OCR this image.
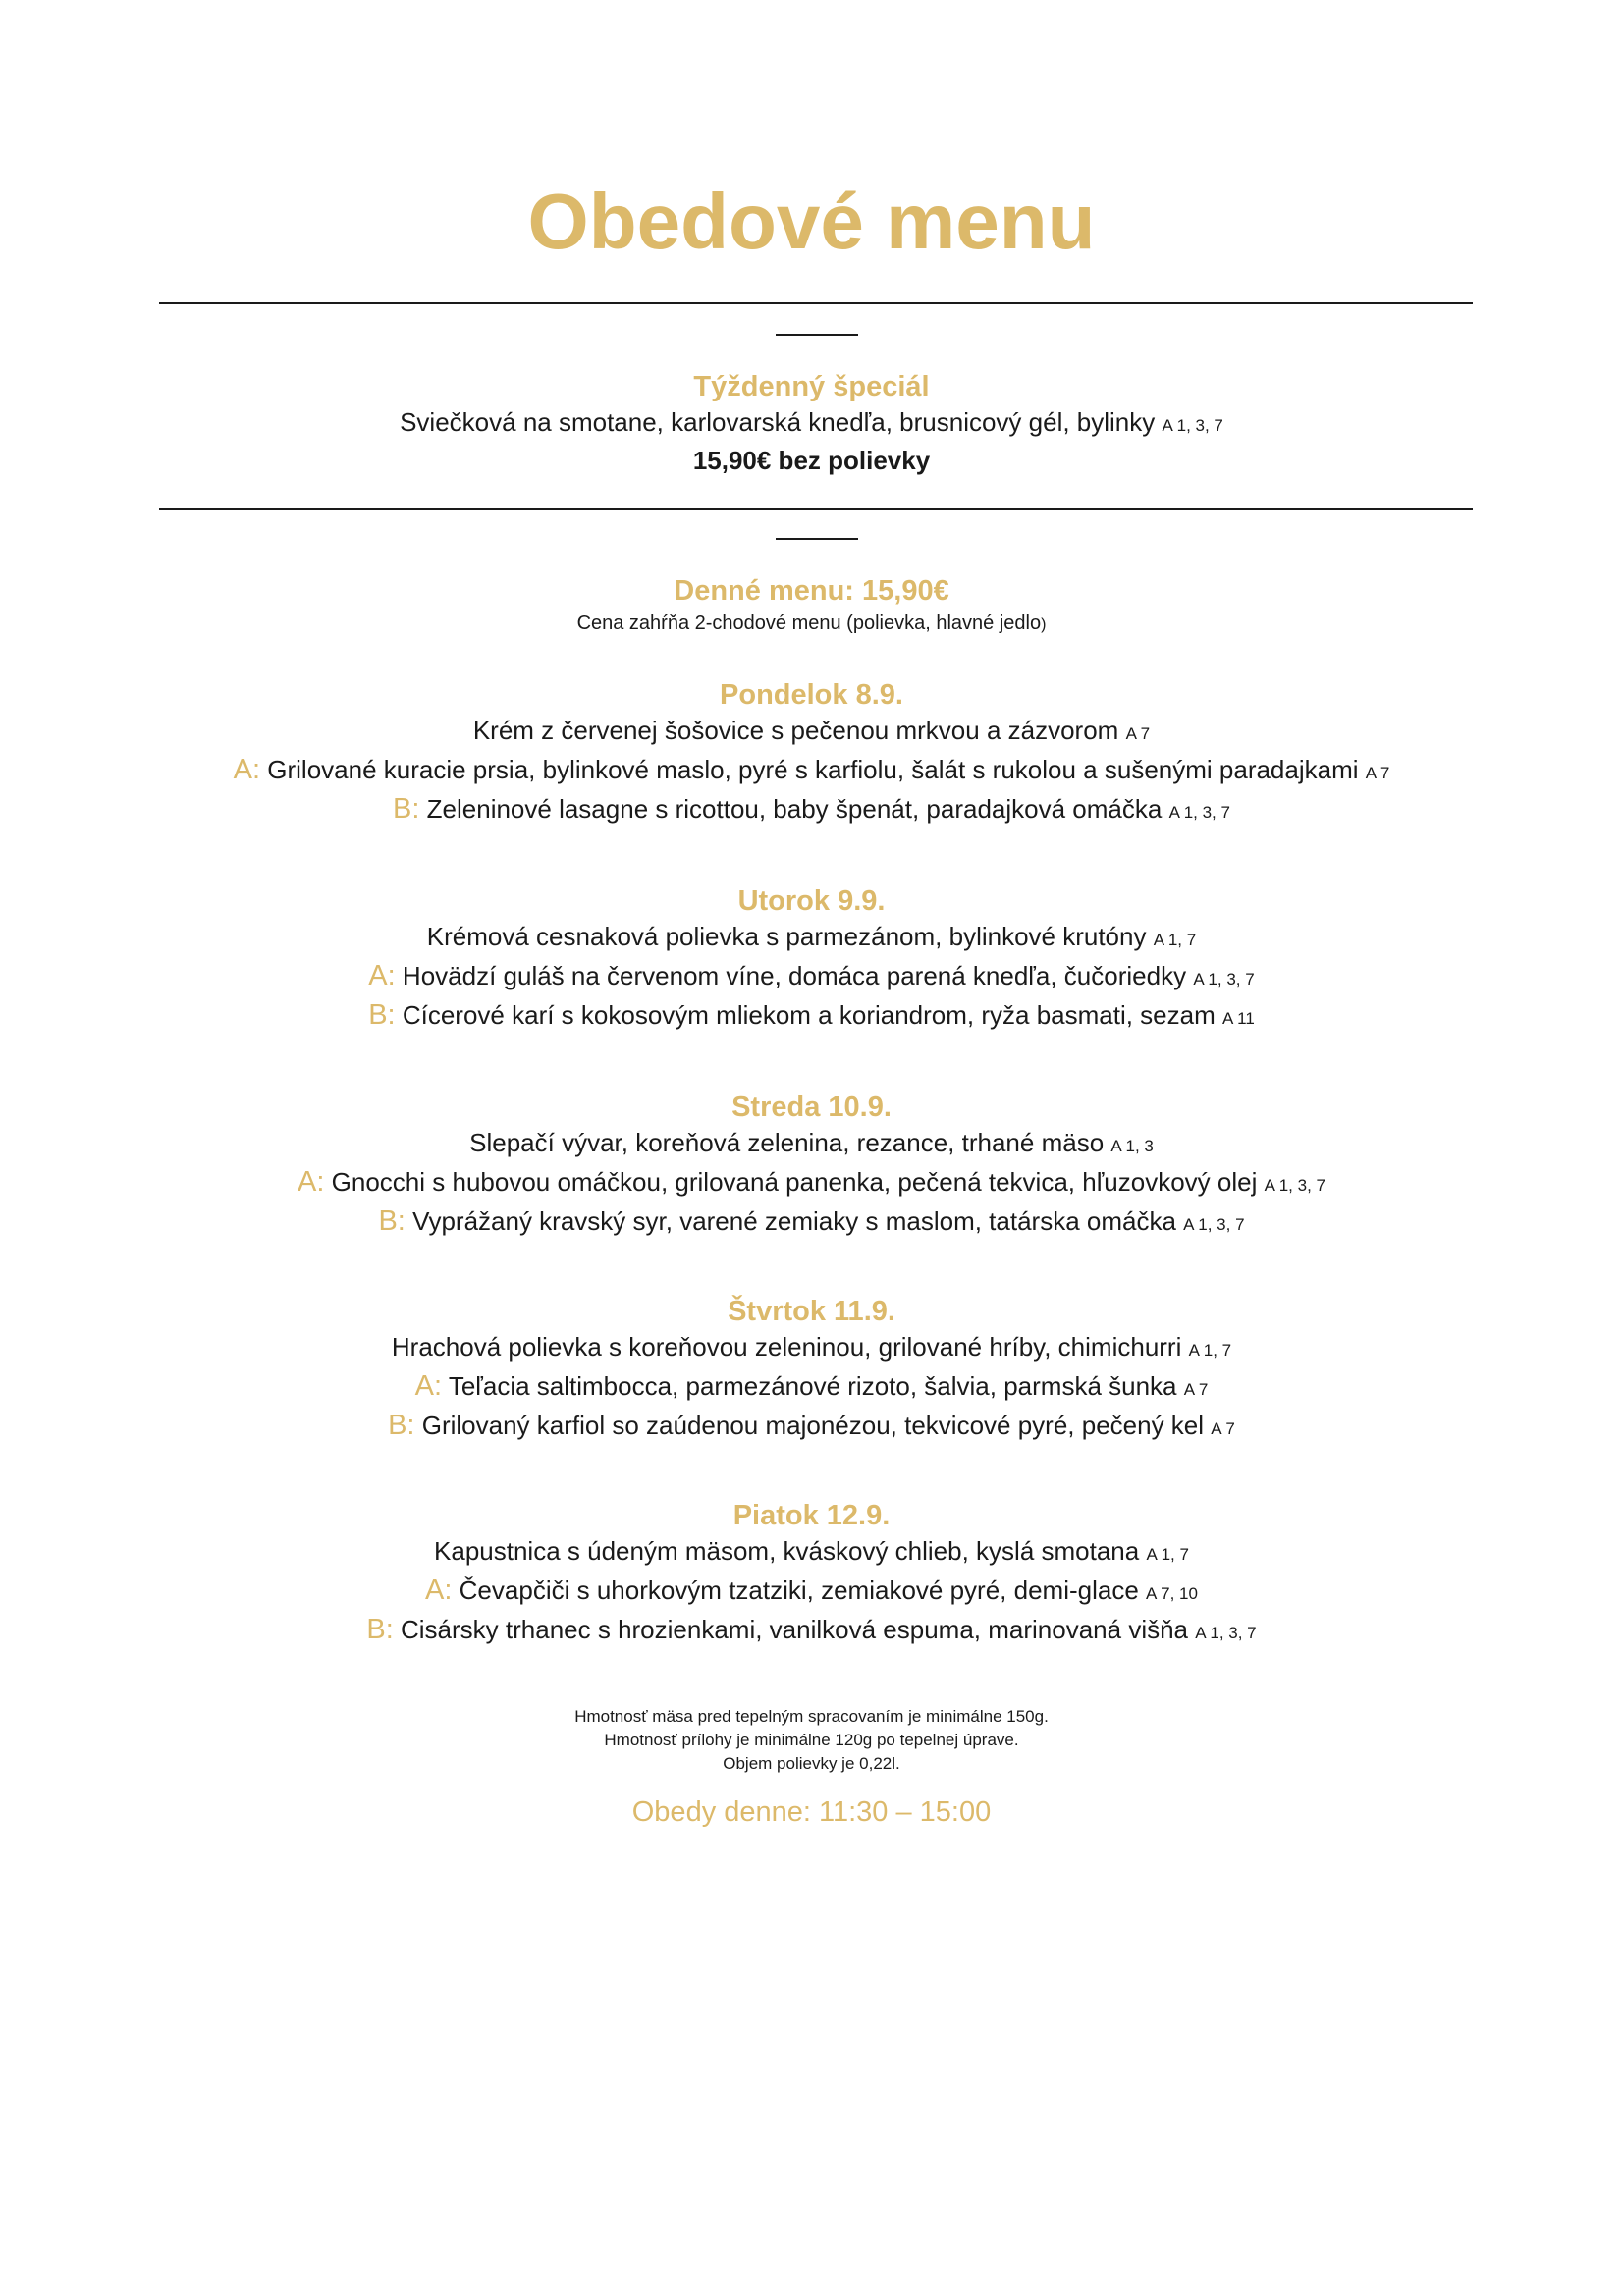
Obedové menu
Týždenný špeciál
Sviečková na smotane, karlovarská knedľa, brusnicový gél, bylinky A 1, 3, 7
15,90€ bez polievky
Denné menu: 15,90€
Cena zahŕňa 2-chodové menu (polievka, hlavné jedlo)
Pondelok 8.9.
Krém z červenej šošovice s pečenou mrkvou a zázvorom A 7
A: Grilované kuracie prsia, bylinkové maslo, pyré s karfiolu, šalát s rukolou a sušenými paradajkami A 7
B: Zeleninové lasagne s ricottou, baby špenát, paradajková omáčka A 1, 3, 7
Utorok 9.9.
Krémová cesnaková polievka s parmezánom, bylinkové krutóny A 1, 7
A: Hovädzí guláš na červenom víne, domáca parená knedľa, čučoriedky A 1, 3, 7
B: Cícerové karí s kokosovým mliekom a koriandrom, ryža basmati, sezam A 11
Streda 10.9.
Slepačí vývar, koreňová zelenina, rezance, trhané mäso A 1, 3
A: Gnocchi s hubovou omáčkou, grilovaná panenka, pečená tekvica, hľuzovkový olej A 1, 3, 7
B: Vyprážaný kravský syr, varené zemiaky s maslom, tatárska omáčka A 1, 3, 7
Štvrtok 11.9.
Hrachová polievka s koreňovou zeleninou, grilované hríby, chimichurri A 1, 7
A: Teľacia saltimbocca, parmezánové rizoto, šalvia, parmská šunka A 7
B: Grilovaný karfiol so zaúdenou majonézou, tekvicové pyré, pečený kel A 7
Piatok 12.9.
Kapustnica s údeným mäsom, kváskový chlieb, kyslá smotana A 1, 7
A: Čevapčiči s uhorkovým tzatziki, zemiakové pyré, demi-glace A 7, 10
B: Cisársky trhanec s hrozienkami, vanilková espuma, marinovaná višňa A 1, 3, 7
Hmotnosť mäsa pred tepelným spracovaním je minimálne 150g.
Hmotnosť prílohy je minimálne 120g po tepelnej úprave.
Objem polievky je 0,22l.
Obedy denne: 11:30 – 15:00
